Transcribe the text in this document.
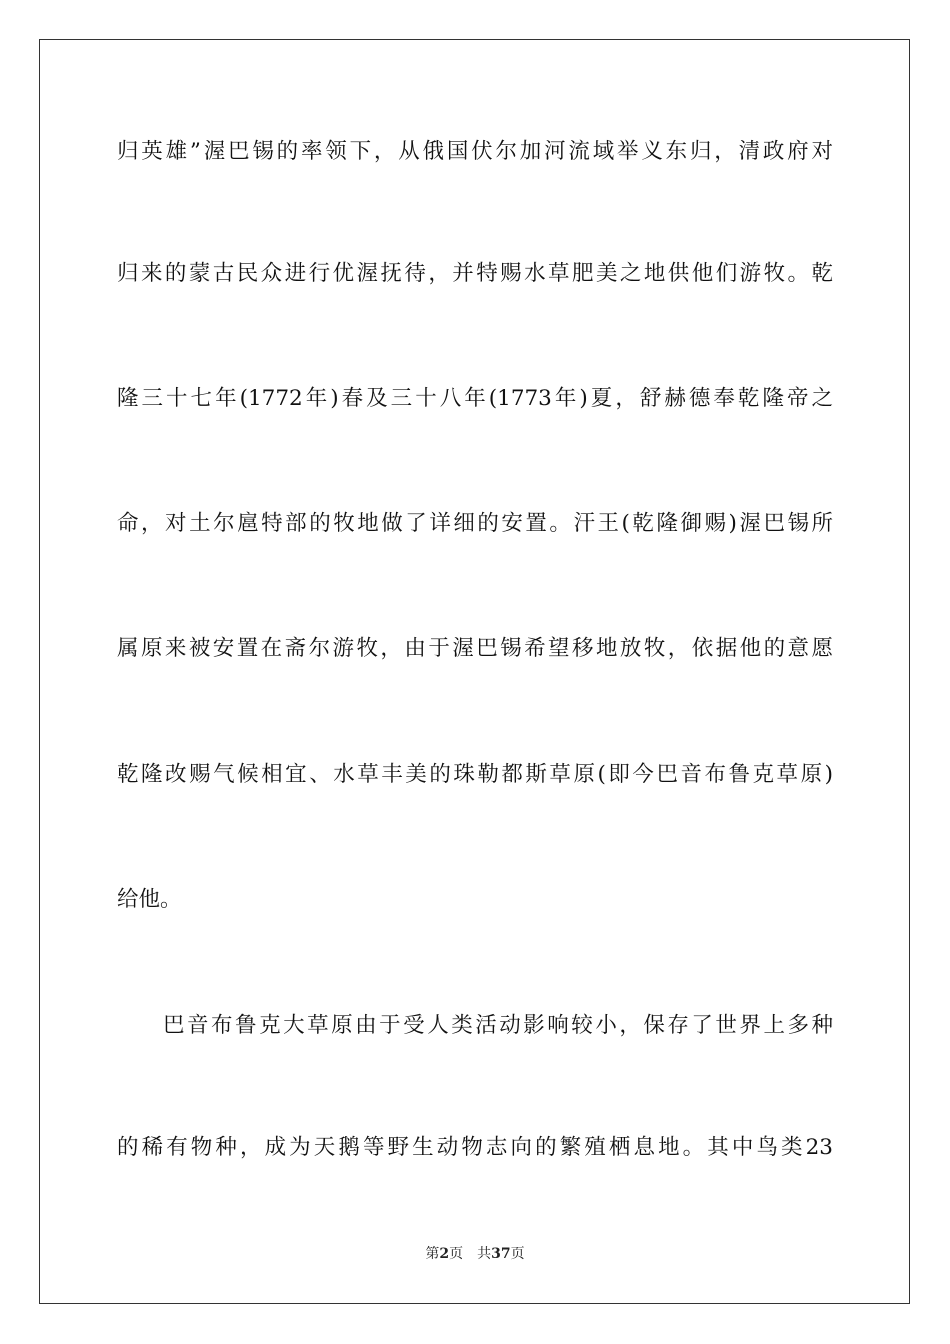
归英雄”渥巴锡的率领下，从俄国伏尔加河流域举义东归，清政府对
归来的蒙古民众进行优渥抚待，并特赐水草肥美之地供他们游牧。乾
隆三十七年(1772年)春及三十八年(1773年)夏，舒赫德奉乾隆帝之
命，对土尔扈特部的牧地做了详细的安置。汗王(乾隆御赐)渥巴锡所
属原来被安置在斋尔游牧，由于渥巴锡希望移地放牧，依据他的意愿
乾隆改赐气候相宜、水草丰美的珠勒都斯草原(即今巴音布鲁克草原)
给他。
巴音布鲁克大草原由于受人类活动影响较小，保存了世界上多种
的稀有物种，成为天鹅等野生动物志向的繁殖栖息地。其中鸟类23
第2页 共37页
